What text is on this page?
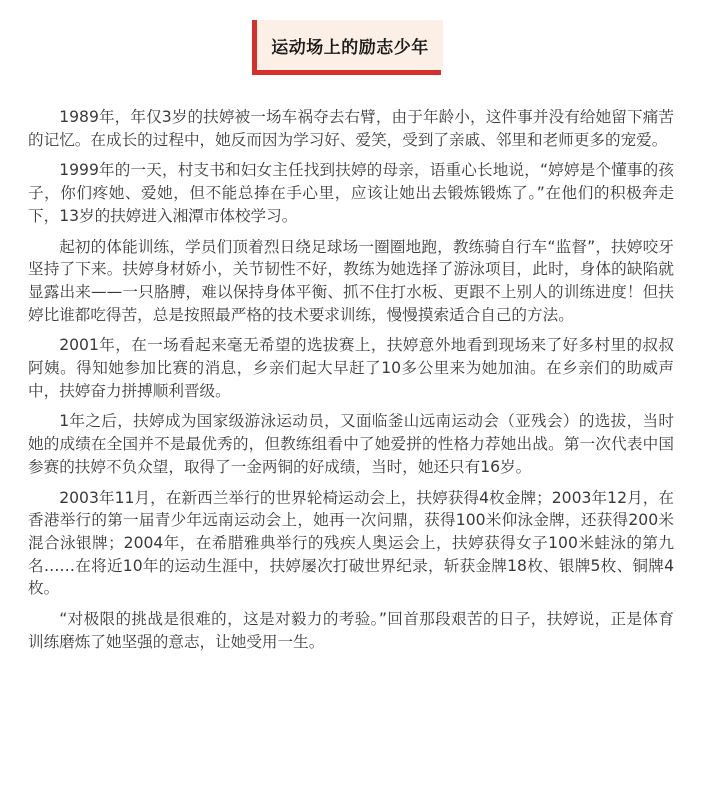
运动场上的励志少年

1989年，年仅3岁的扶婷被一场车祸夺去右臂，由于年龄小，这件事并没有给她留下痛苦的记忆。在成长的过程中，她反而因为学习好、爱笑，受到了亲戚、邻里和老师更多的宠爱。

1999年的一天，村支书和妇女主任找到扶婷的母亲，语重心长地说，“婷婷是个懂事的孩子，你们疼她、爱她，但不能总捧在手心里，应该让她出去锻炼锻炼了。”在他们的积极奔走下，13岁的扶婷进入湘潭市体校学习。

起初的体能训练，学员们顶着烈日绕足球场一圈圈地跑，教练骑自行车“监督”，扶婷咬牙坚持了下来。扶婷身材娇小，关节韧性不好，教练为她选择了游泳项目，此时，身体的缺陷就显露出来——一只胳膊，难以保持身体平衡、抓不住打水板、更跟不上别人的训练进度！但扶婷比谁都吃得苦，总是按照最严格的技术要求训练，慢慢摸索适合自己的方法。

2001年，在一场看起来毫无希望的选拔赛上，扶婷意外地看到现场来了好多村里的叔叔阿姨。得知她参加比赛的消息，乡亲们起大早赶了10多公里来为她加油。在乡亲们的助威声中，扶婷奋力拼搏顺利晋级。

1年之后，扶婷成为国家级游泳运动员，又面临釜山远南运动会（亚残会）的选拔，当时她的成绩在全国并不是最优秀的，但教练组看中了她爱拼的性格力荐她出战。第一次代表中国参赛的扶婷不负众望，取得了一金两铜的好成绩，当时，她还只有16岁。

2003年11月，在新西兰举行的世界轮椅运动会上，扶婷获得4枚金牌；2003年12月，在香港举行的第一届青少年远南运动会上，她再一次问鼎，获得100米仰泳金牌，还获得200米混合泳银牌；2004年，在希腊雅典举行的残疾人奥运会上，扶婷获得女子100米蛙泳的第九名……在将近10年的运动生涯中，扶婷屡次打破世界纪录，斩获金牌18枚、银牌5枚、铜牌4枚。

“对极限的挑战是很难的，这是对毅力的考验。”回首那段艰苦的日子，扶婷说，正是体育训练磨炼了她坚强的意志，让她受用一生。
